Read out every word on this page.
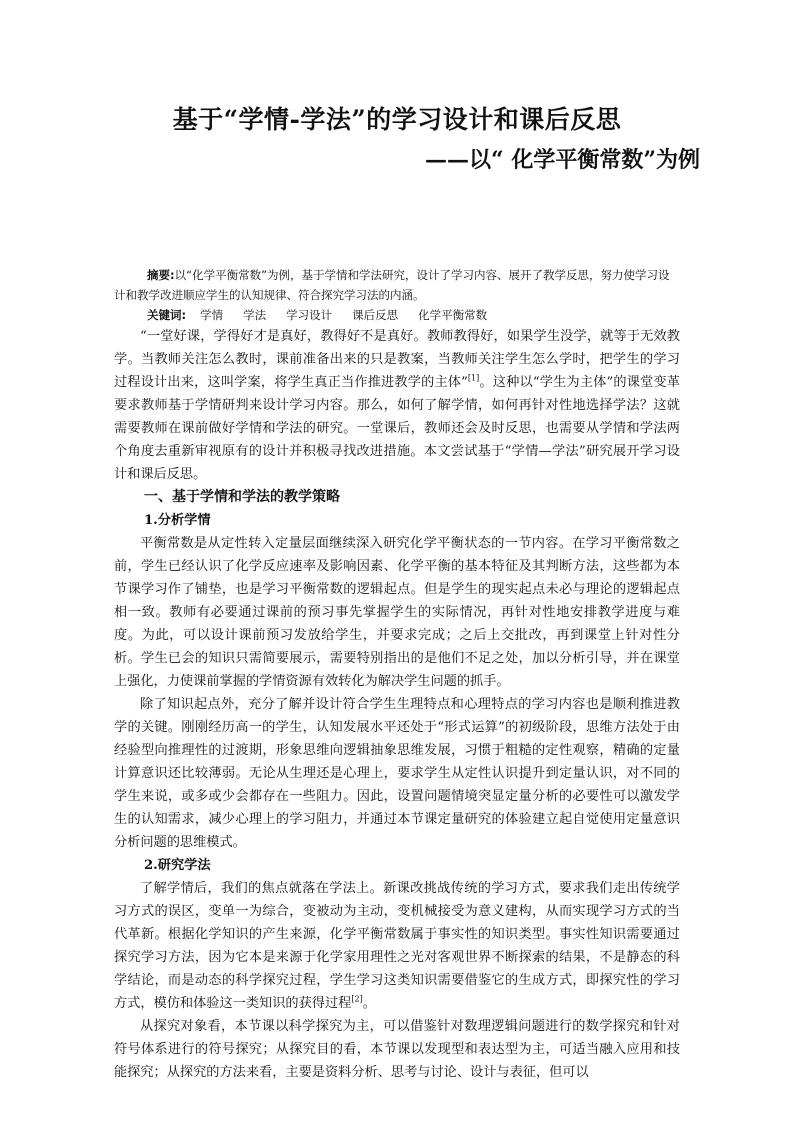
基于“学情-学法”的学习设计和课后反思
——以“ 化学平衡常数”为例

摘要:以“化学平衡常数”为例，基于学情和学法研究，设计了学习内容、展开了教学反思，努力使学习设计和教学改进顺应学生的认知规律、符合探究学习法的内涵。

关键词: 学情 学法 学习设计 课后反思 化学平衡常数

“一堂好课，学得好才是真好，教得好不是真好。教师教得好，如果学生没学，就等于无效教学。当教师关注怎么教时，课前准备出来的只是教案，当教师关注学生怎么学时，把学生的学习过程设计出来，这叫学案，将学生真正当作推进教学的主体”[1]。这种以“学生为主体”的课堂变革要求教师基于学情研判来设计学习内容。那么，如何了解学情，如何再针对性地选择学法？这就需要教师在课前做好学情和学法的研究。一堂课后，教师还会及时反思，也需要从学情和学法两个角度去重新审视原有的设计并积极寻找改进措施。本文尝试基于“学情—学法”研究展开学习设计和课后反思。

一、基于学情和学法的教学策略

1.分析学情

平衡常数是从定性转入定量层面继续深入研究化学平衡状态的一节内容。在学习平衡常数之前，学生已经认识了化学反应速率及影响因素、化学平衡的基本特征及其判断方法，这些都为本节课学习作了铺垫，也是学习平衡常数的逻辑起点。但是学生的现实起点未必与理论的逻辑起点相一致。教师有必要通过课前的预习事先掌握学生的实际情况，再针对性地安排教学进度与难度。为此，可以设计课前预习发放给学生，并要求完成；之后上交批改，再到课堂上针对性分析。学生已会的知识只需简要展示，需要特别指出的是他们不足之处，加以分析引导，并在课堂上强化，力使课前掌握的学情资源有效转化为解决学生问题的抓手。

除了知识起点外，充分了解并设计符合学生生理特点和心理特点的学习内容也是顺利推进教学的关键。刚刚经历高一的学生，认知发展水平还处于“形式运算”的初级阶段，思维方法处于由经验型向推理性的过渡期，形象思维向逻辑抽象思维发展，习惯于粗糙的定性观察，精确的定量计算意识还比较薄弱。无论从生理还是心理上，要求学生从定性认识提升到定量认识，对不同的学生来说，或多或少会都存在一些阻力。因此，设置问题情境突显定量分析的必要性可以激发学生的认知需求，减少心理上的学习阻力，并通过本节课定量研究的体验建立起自觉使用定量意识分析问题的思维模式。

2.研究学法

了解学情后，我们的焦点就落在学法上。新课改挑战传统的学习方式，要求我们走出传统学习方式的误区，变单一为综合，变被动为主动，变机械接受为意义建构，从而实现学习方式的当代革新。根据化学知识的产生来源，化学平衡常数属于事实性的知识类型。事实性知识需要通过探究学习方法，因为它本是来源于化学家用理性之光对客观世界不断探索的结果，不是静态的科学结论，而是动态的科学探究过程，学生学习这类知识需要借鉴它的生成方式，即探究性的学习方式，模仿和体验这一类知识的获得过程[2]。

从探究对象看，本节课以科学探究为主，可以借鉴针对数理逻辑问题进行的数学探究和针对符号体系进行的符号探究；从探究目的看，本节课以发现型和表达型为主，可适当融入应用和技能探究；从探究的方法来看，主要是资料分析、思考与讨论、设计与表征，但可以
